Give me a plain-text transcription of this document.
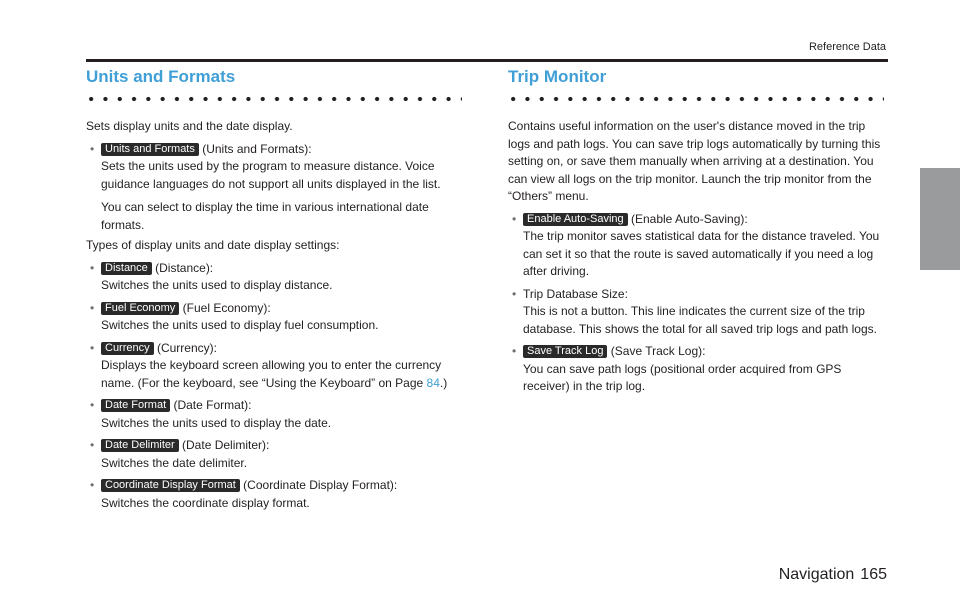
Reference Data
Units and Formats

Sets display units and the date display.

• Units and Formats (Units and Formats):

Sets the units used by the program to measure distance. Voice guidance languages do not support all units displayed in the list.

You can select to display the time in various international date formats.

Types of display units and date display settings:

• Distance (Distance):

Switches the units used to display distance.

• Fuel Economy (Fuel Economy):

Switches the units used to display fuel consumption.

• Currency (Currency):

Displays the keyboard screen allowing you to enter the currency name. (For the keyboard, see “Using the Keyboard” on Page 84.)

• Date Format (Date Format):

Switches the units used to display the date.

• Date Delimiter (Date Delimiter):

Switches the date delimiter.

• Coordinate Display Format (Coordinate Display Format):

Switches the coordinate display format.

Trip Monitor

Contains useful information on the user's distance moved in the trip logs and path logs. You can save trip logs automatically by turning this setting on, or save them manually when arriving at a destination. You can view all logs on the trip monitor. Launch the trip monitor from the “Others” menu.

• Enable Auto-Saving (Enable Auto-Saving):

The trip monitor saves statistical data for the distance traveled. You can set it so that the route is saved automatically if you need a log after driving.

• Trip Database Size:

This is not a button. This line indicates the current size of the trip database. This shows the total for all saved trip logs and path logs.

• Save Track Log (Save Track Log):

You can save path logs (positional order acquired from GPS receiver) in the trip log.

Navigation 165
